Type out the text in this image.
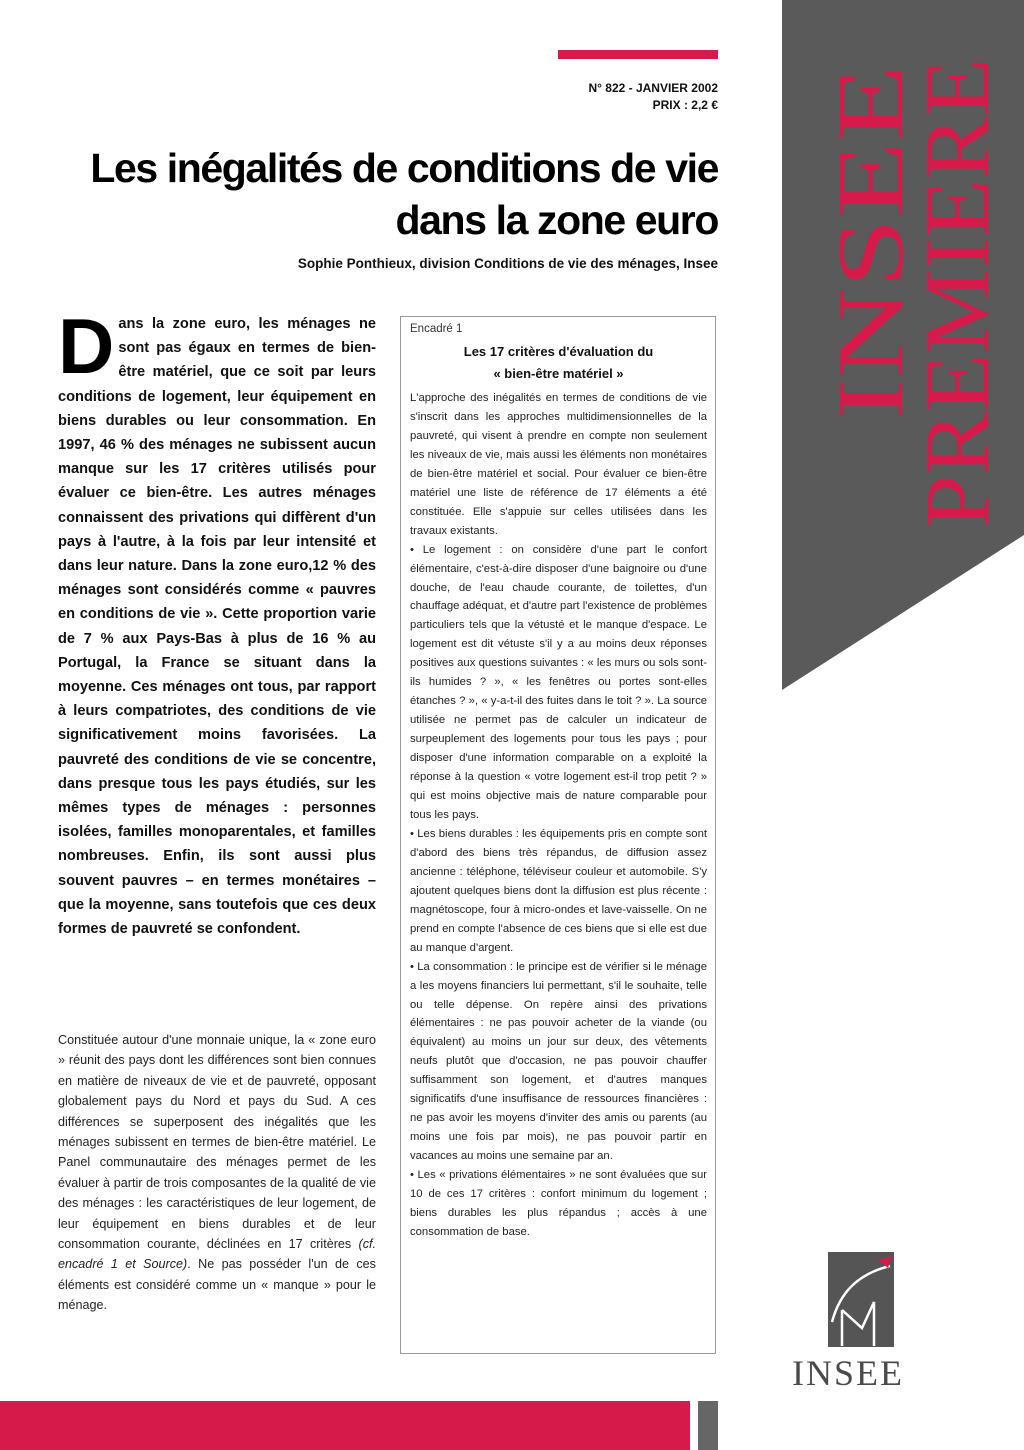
N° 822 - JANVIER 2002
PRIX : 2,2 €
Les inégalités de conditions de vie
dans la zone euro
Sophie Ponthieux, division Conditions de vie des ménages, Insee INSEE
PREMIERE

Dans la zone euro, les ménages ne sont pas égaux en termes de bien-être matériel, que ce soit par leurs conditions de logement, leur équipement en biens durables ou leur consommation. En 1997, 46 % des ménages ne subissent aucun manque sur les 17 critères utilisés pour évaluer ce bien-être. Les autres ménages connaissent des privations qui diffèrent d'un pays à l'autre, à la fois par leur intensité et dans leur nature. Dans la zone euro,12 % des ménages sont considérés comme « pauvres en conditions de vie ». Cette proportion varie de 7 % aux Pays-Bas à plus de 16 % au Portugal, la France se situant dans la moyenne. Ces ménages ont tous, par rapport à leurs compatriotes, des conditions de vie significativement moins favorisées. La pauvreté des conditions de vie se concentre, dans presque tous les pays étudiés, sur les mêmes types de ménages : personnes isolées, familles monoparentales, et familles nombreuses. Enfin, ils sont aussi plus souvent pauvres – en termes monétaires – que la moyenne, sans toutefois que ces deux formes de pauvreté se confondent.

Constituée autour d'une monnaie unique, la « zone euro » réunit des pays dont les différences sont bien connues en matière de niveaux de vie et de pauvreté, opposant globalement pays du Nord et pays du Sud. A ces différences se superposent des inégalités que les ménages subissent en termes de bien-être matériel. Le Panel communautaire des ménages permet de les évaluer à partir de trois composantes de la qualité de vie des ménages : les caractéristiques de leur logement, de leur équipement en biens durables et de leur consommation courante, déclinées en 17 critères (cf. encadré 1 et Source). Ne pas posséder l'un de ces éléments est considéré comme un « manque » pour le ménage.

Encadré 1
Les 17 critères d'évaluation du
« bien-être matériel »

L'approche des inégalités en termes de conditions de vie s'inscrit dans les approches multidimensionnelles de la pauvreté, qui visent à prendre en compte non seulement les niveaux de vie, mais aussi les éléments non monétaires de bien-être matériel et social. Pour évaluer ce bien-être matériel une liste de référence de 17 éléments a été constituée. Elle s'appuie sur celles utilisées dans les travaux existants.

• Le logement : on considère d'une part le confort élémentaire, c'est-à-dire disposer d'une baignoire ou d'une douche, de l'eau chaude courante, de toilettes, d'un chauffage adéquat, et d'autre part l'existence de problèmes particuliers tels que la vétusté et le manque d'espace. Le logement est dit vétuste s'il y a au moins deux réponses positives aux questions suivantes : « les murs ou sols sont-ils humides ? », « les fenêtres ou portes sont-elles étanches ? », « y-a-t-il des fuites dans le toit ? ». La source utilisée ne permet pas de calculer un indicateur de surpeuplement des logements pour tous les pays ; pour disposer d'une information comparable on a exploité la réponse à la question « votre logement est-il trop petit ? » qui est moins objective mais de nature comparable pour tous les pays.

• Les biens durables : les équipements pris en compte sont d'abord des biens très répandus, de diffusion assez ancienne : téléphone, téléviseur couleur et automobile. S'y ajoutent quelques biens dont la diffusion est plus récente : magnétoscope, four à micro-ondes et lave-vaisselle. On ne prend en compte l'absence de ces biens que si elle est due au manque d'argent.

• La consommation : le principe est de vérifier si le ménage a les moyens financiers lui permettant, s'il le souhaite, telle ou telle dépense. On repère ainsi des privations élémentaires : ne pas pouvoir acheter de la viande (ou équivalent) au moins un jour sur deux, des vêtements neufs plutôt que d'occasion, ne pas pouvoir chauffer suffisamment son logement, et d'autres manques significatifs d'une insuffisance de ressources financières : ne pas avoir les moyens d'inviter des amis ou parents (au moins une fois par mois), ne pas pouvoir partir en vacances au moins une semaine par an.

• Les « privations élémentaires » ne sont évaluées que sur 10 de ces 17 critères : confort minimum du logement ; biens durables les plus répandus ; accès à une consommation de base.

INSEE
